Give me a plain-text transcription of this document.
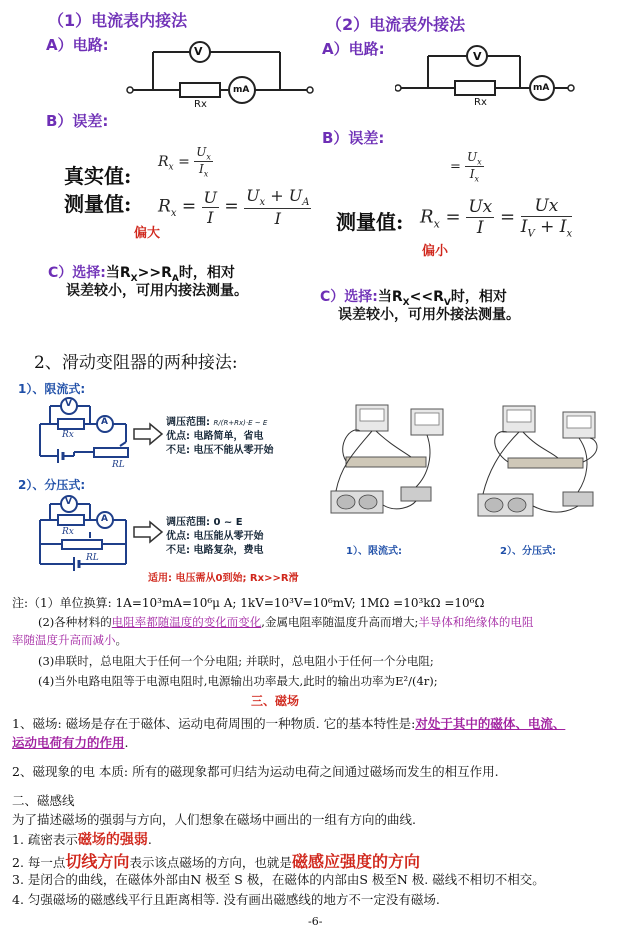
（1）电流表内接法
A）电路:	V
mA
Rx
B）误差:
$R_x = \frac{U_x}{I_x}$
真实值:
测量值: $R_x = \frac{U}{I} = \frac{U_x + U_A}{I}$
偏大
C）选择:当$R_X>>R_A$时，相对
误差较小，可用内接法测量。
（2）电流表外接法
A）电路:	V
mA
Rx
B）误差:
= $\frac{U_x}{I_x}$
测量值: $R_x = \frac{Ux}{I} = \frac{Ux}{I_V + I_x}$
偏小
C）选择:当$R_X<<R_V$时，相对
误差较小，可用外接法测量。
2、滑动变阻器的两种接法:
1）、限流式:
V
A
Rx
RL
调压范围: R/(R+Rx)·E ~ E
优点: 电路简单，省电
不足: 电压不能从零开始
2）、分压式:
V
A
Rx
RL
调压范围: 0 ~ E
优点: 电压能从零开始
不足: 电路复杂，费电
适用: 电压需从0到始; Rx>>R滑
1）、限流式:	2）、分压式:
注:（1）单位换算: 1A=10³mA=10⁶μ A; 1kV=10³V=10⁶mV; 1MΩ =10³kΩ =10⁶Ω
(2)各种材料的电阻率都随温度的变化而变化,金属电阻率随温度升高而增大;半导体和绝缘体的电阻
率随温度升高而减小。
(3)串联时，总电阻大于任何一个分电阻; 并联时，总电阻小于任何一个分电阻;
(4)当外电路电阻等于电源电阻时,电源输出功率最大,此时的输出功率为E²/(4r);
三、磁场
1、磁场: 磁场是存在于磁体、运动电荷周围的一种物质. 它的基本特性是:对处于其中的磁体、电流、
运动电荷有力的作用.
2、磁现象的电 本质: 所有的磁现象都可归结为运动电荷之间通过磁场而发生的相互作用.
二、磁感线
为了描述磁场的强弱与方向，人们想象在磁场中画出的一组有方向的曲线.
1. 疏密表示磁场的强弱.
2. 每一点切线方向表示该点磁场的方向，也就是磁感应强度的方向
3. 是闭合的曲线，在磁体外部由N 极至 S 极，在磁体的内部由S 极至N 极. 磁线不相切不相交。
4. 匀强磁场的磁感线平行且距离相等. 没有画出磁感线的地方不一定没有磁场.
-6-
